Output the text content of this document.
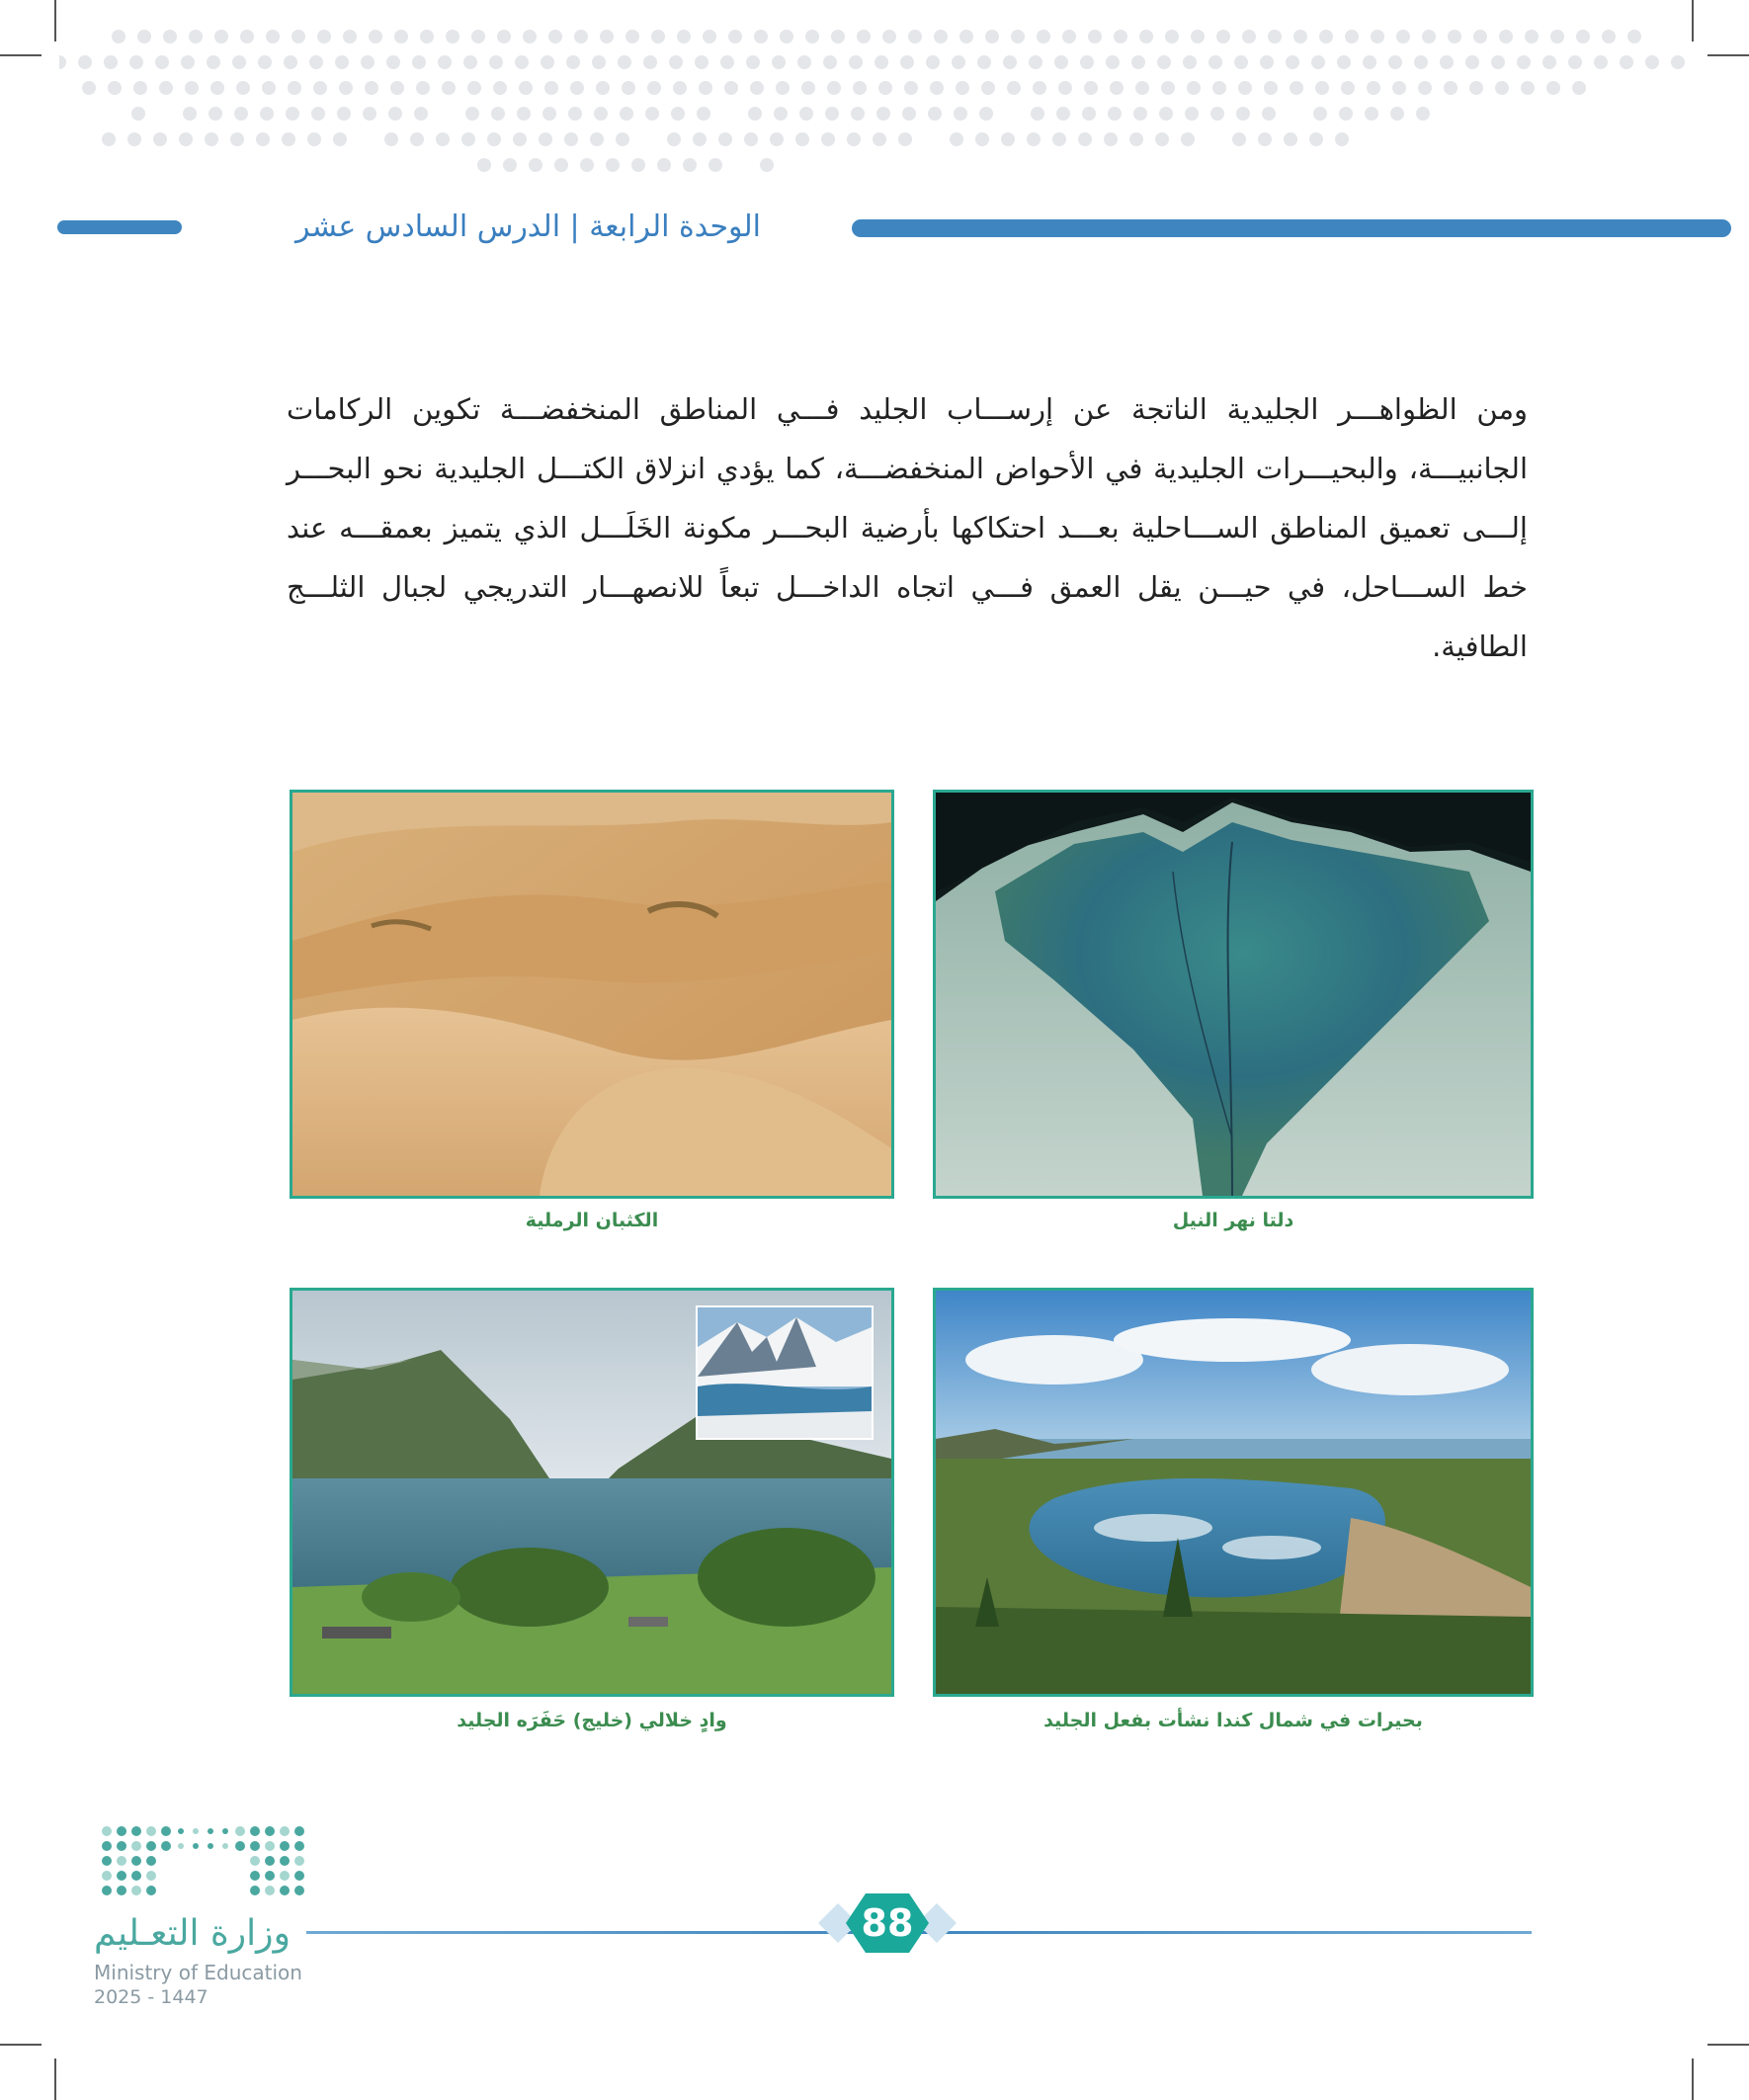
الوحدة الرابعة | الدرس السادس عشر
ومن الظواهـــر الجليدية الناتجة عن إرســـاب الجليد فـــي المناطق المنخفضـــة تكوين الركامات الجانبيـــة، والبحيـــرات الجليدية في الأحواض المنخفضـــة، كما يؤدي انزلاق الكتـــل الجليدية نحو البحـــر إلـــى تعميق المناطق الســـاحلية بعـــد احتكاكها بأرضية البحـــر مكونة الخَلَـــل الذي يتميز بعمقـــه عند خط الســـاحل، في حيـــن يقل العمق فـــي اتجاه الداخـــل تبعاً للانصهـــار التدريجي لجبال الثلـــج الطافية.
دلتا نهر النيل
الكثبان الرملية
بحيرات في شمال كندا نشأت بفعل الجليد
وادٍ خلالي (خليج) حَفَرَه الجليد
وزارة التعـليم
Ministry of Education
2025 - 1447
88
